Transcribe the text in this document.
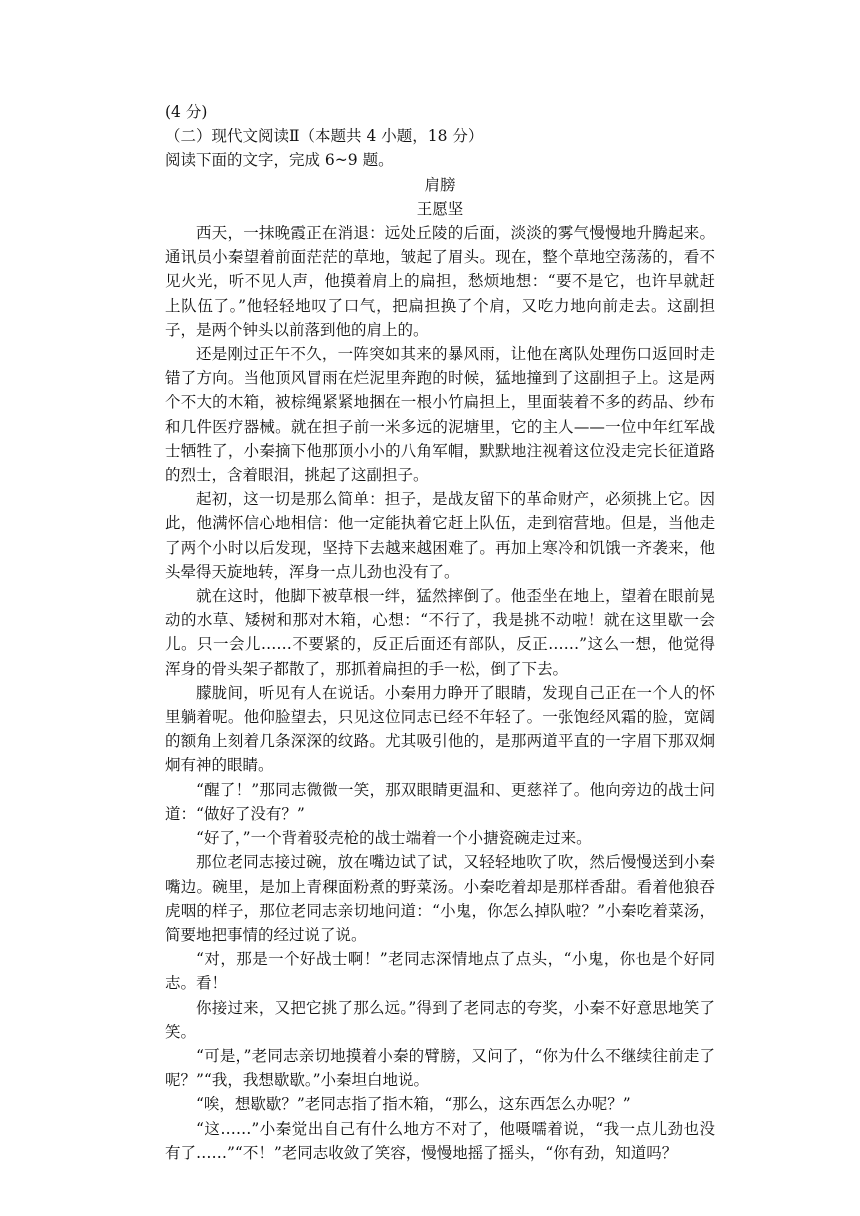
(4 分)

（二）现代文阅读Ⅱ（本题共 4 小题，18 分）

阅读下面的文字，完成 6~9 题。

肩膀

王愿坚

西天，一抹晚霞正在消退：远处丘陵的后面，淡淡的雾气慢慢地升腾起来。通讯员小秦望着前面茫茫的草地，皱起了眉头。现在，整个草地空荡荡的，看不见火光，听不见人声，他摸着肩上的扁担，愁烦地想：“要不是它，也许早就赶上队伍了。”他轻轻地叹了口气，把扁担换了个肩，又吃力地向前走去。这副担子，是两个钟头以前落到他的肩上的。

还是刚过正午不久，一阵突如其来的暴风雨，让他在离队处理伤口返回时走错了方向。当他顶风冒雨在烂泥里奔跑的时候，猛地撞到了这副担子上。这是两个不大的木箱，被棕绳紧紧地捆在一根小竹扁担上，里面装着不多的药品、纱布和几件医疗器械。就在担子前一米多远的泥塘里，它的主人——一位中年红军战士牺牲了，小秦摘下他那顶小小的八角军帽，默默地注视着这位没走完长征道路的烈士，含着眼泪，挑起了这副担子。

起初，这一切是那么简单：担子，是战友留下的革命财产，必须挑上它。因此，他满怀信心地相信：他一定能执着它赶上队伍，走到宿营地。但是，当他走了两个小时以后发现，坚持下去越来越困难了。再加上寒冷和饥饿一齐袭来，他头晕得天旋地转，浑身一点儿劲也没有了。

就在这时，他脚下被草根一绊，猛然摔倒了。他歪坐在地上，望着在眼前晃动的水草、矮树和那对木箱，心想：“不行了，我是挑不动啦！就在这里歇一会儿。只一会儿……不要紧的，反正后面还有部队，反正……”这么一想，他觉得浑身的骨头架子都散了，那抓着扁担的手一松，倒了下去。

朦胧间，听见有人在说话。小秦用力睁开了眼睛，发现自己正在一个人的怀里躺着呢。他仰脸望去，只见这位同志已经不年轻了。一张饱经风霜的脸，宽阔的额角上刻着几条深深的纹路。尤其吸引他的，是那两道平直的一字眉下那双炯炯有神的眼睛。

“醒了！”那同志微微一笑，那双眼睛更温和、更慈祥了。他向旁边的战士问道：“做好了没有？”

“好了，”一个背着驳壳枪的战士端着一个小搪瓷碗走过来。

那位老同志接过碗，放在嘴边试了试，又轻轻地吹了吹，然后慢慢送到小秦嘴边。碗里，是加上青稞面粉煮的野菜汤。小秦吃着却是那样香甜。看着他狼吞虎咽的样子，那位老同志亲切地问道：“小鬼，你怎么掉队啦？”小秦吃着菜汤，简要地把事情的经过说了说。

“对，那是一个好战士啊！”老同志深情地点了点头，“小鬼，你也是个好同志。看！

你接过来，又把它挑了那么远。”得到了老同志的夸奖，小秦不好意思地笑了笑。

“可是，”老同志亲切地摸着小秦的臂膀，又问了，“你为什么不继续往前走了呢？”“我，我想歇歇。”小秦坦白地说。

“唉，想歇歇？”老同志指了指木箱，“那么，这东西怎么办呢？”

“这……”小秦觉出自己有什么地方不对了，他嗫嚅着说，“我一点儿劲也没有了……”“不！”老同志收敛了笑容，慢慢地摇了摇头，“你有劲，知道吗？
